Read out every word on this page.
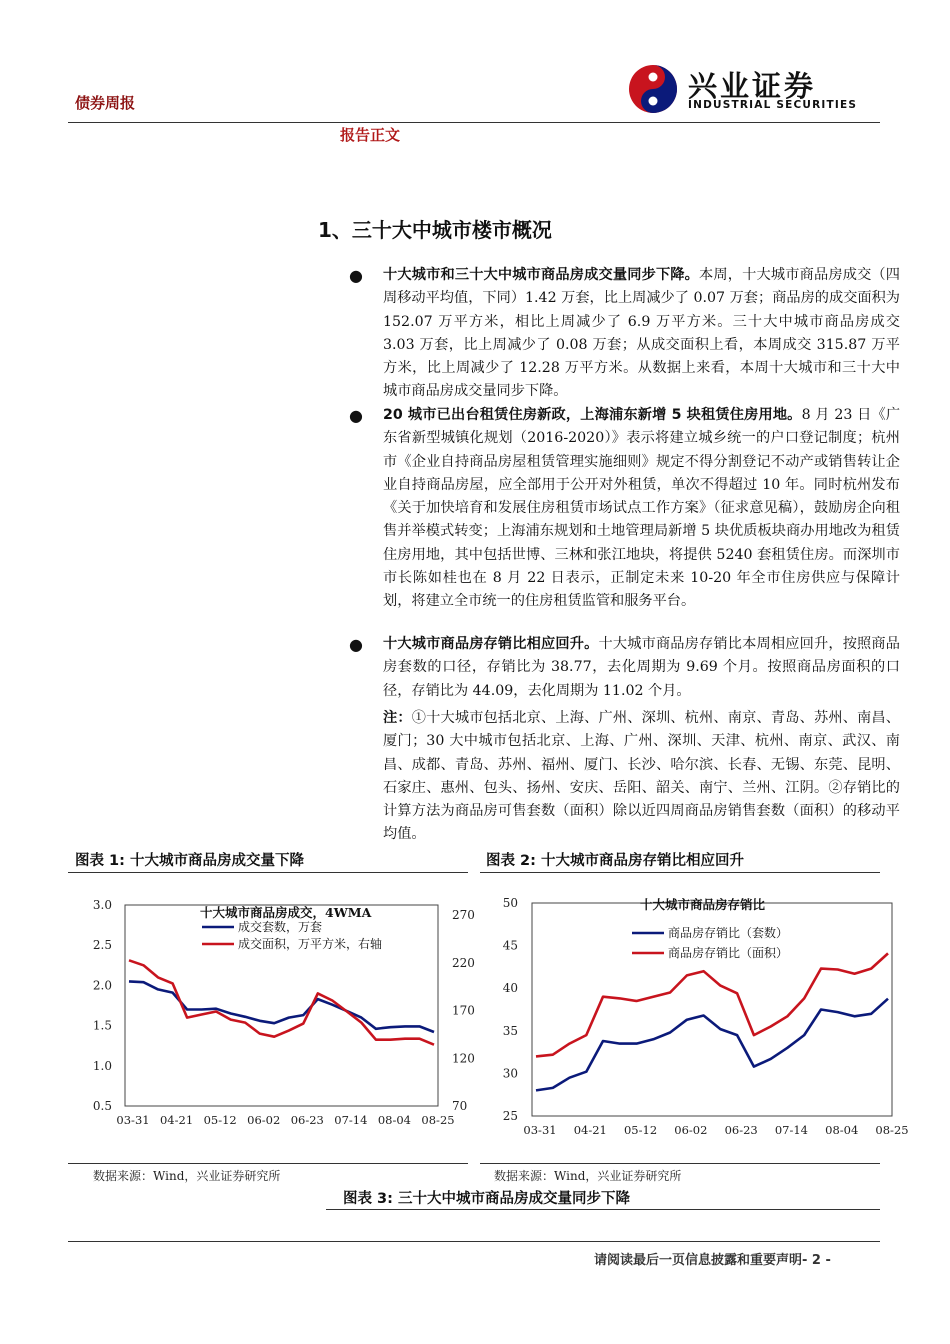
债券周报	兴业证券
INDUSTRIAL SECURITIES
报告正文
1、三十大中城市楼市概况
● 十大城市和三十大中城市商品房成交量同步下降。本周，十大城市商品房成交（四周移动平均值，下同）1.42 万套，比上周减少了 0.07 万套；商品房的成交面积为 152.07 万平方米，相比上周减少了 6.9 万平方米。三十大中城市商品房成交 3.03 万套，比上周减少了 0.08 万套；从成交面积上看，本周成交 315.87 万平方米，比上周减少了 12.28 万平方米。从数据上来看，本周十大城市和三十大中城市商品房成交量同步下降。
● 20 城市已出台租赁住房新政，上海浦东新增 5 块租赁住房用地。8 月 23 日《广东省新型城镇化规划（2016-2020）》表示将建立城乡统一的户口登记制度；杭州市《企业自持商品房屋租赁管理实施细则》规定不得分割登记不动产或销售转让企业自持商品房屋，应全部用于公开对外租赁，单次不得超过 10 年。同时杭州发布《关于加快培育和发展住房租赁市场试点工作方案》（征求意见稿），鼓励房企向租售并举模式转变；上海浦东规划和土地管理局新增 5 块优质板块商办用地改为租赁住房用地，其中包括世博、三林和张江地块，将提供 5240 套租赁住房。而深圳市市长陈如桂也在 8 月 22 日表示，正制定未来 10-20 年全市住房供应与保障计划，将建立全市统一的住房租赁监管和服务平台。
● 十大城市商品房存销比相应回升。十大城市商品房存销比本周相应回升，按照商品房套数的口径，存销比为 38.77，去化周期为 9.69 个月。按照商品房面积的口径，存销比为 44.09，去化周期为 11.02 个月。
注：①十大城市包括北京、上海、广州、深圳、杭州、南京、青岛、苏州、南昌、厦门；30 大中城市包括北京、上海、广州、深圳、天津、杭州、南京、武汉、南昌、成都、青岛、苏州、福州、厦门、长沙、哈尔滨、长春、无锡、东莞、昆明、石家庄、惠州、包头、扬州、安庆、岳阳、韶关、南宁、兰州、江阴。②存销比的计算方法为商品房可售套数（面积）除以近四周商品房销售套数（面积）的移动平均值。
图表 1: 十大城市商品房成交量下降	图表 2: 十大城市商品房存销比相应回升
3.0
2.5
2.0
1.5
1.0
0.5
270
220
170
120
70
03-31 04-21 05-12 06-02 06-23 07-14 08-04 08-25
十大城市商品房成交，4WMA
成交套数，万套
成交面积，万平方米，右轴
50
45
40
35
30
25
03-31 04-21 05-12 06-02 06-23 07-14 08-04 08-25
十大城市商品房存销比
商品房存销比（套数）
商品房存销比（面积）
数据来源：Wind，兴业证券研究所	数据来源：Wind，兴业证券研究所
图表 3: 三十大中城市商品房成交量同步下降
请阅读最后一页信息披露和重要声明- 2 -
